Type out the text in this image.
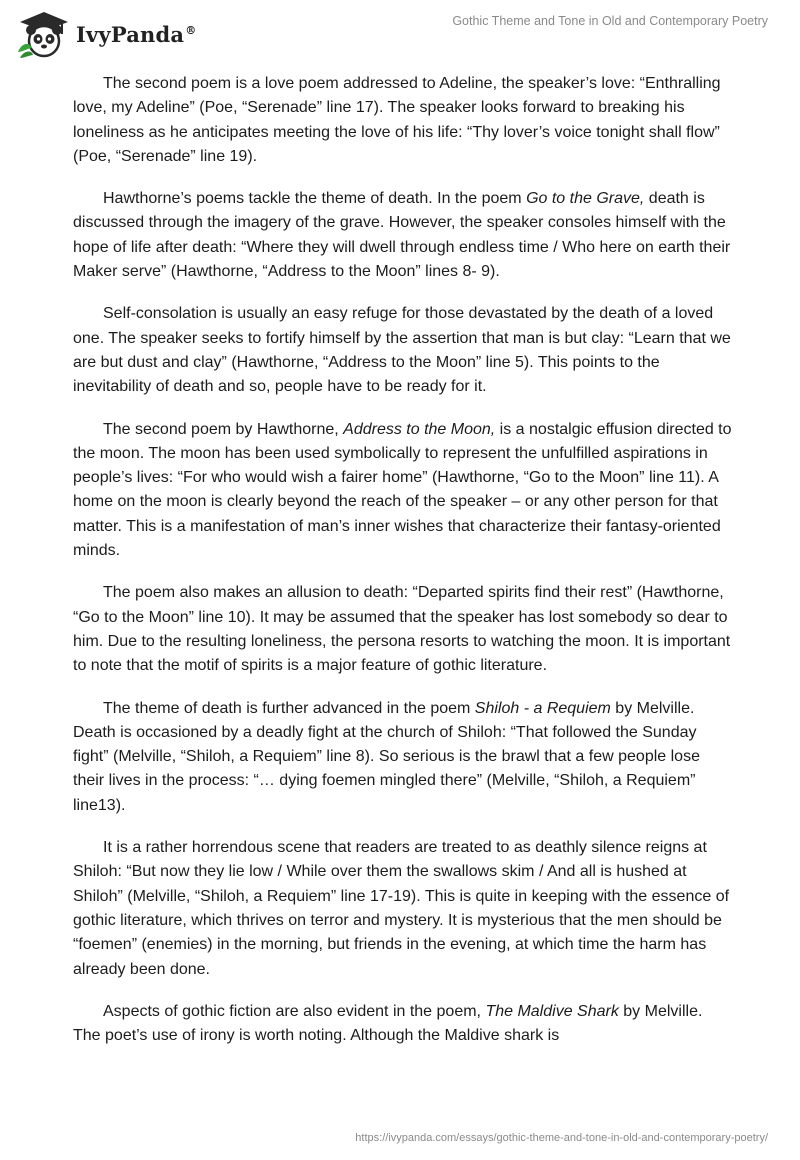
IvyPanda®
Gothic Theme and Tone in Old and Contemporary Poetry

The second poem is a love poem addressed to Adeline, the speaker’s love: “Enthralling love, my Adeline” (Poe, “Serenade” line 17). The speaker looks forward to breaking his loneliness as he anticipates meeting the love of his life: “Thy lover’s voice tonight shall flow” (Poe, “Serenade” line 19).

Hawthorne’s poems tackle the theme of death. In the poem Go to the Grave, death is discussed through the imagery of the grave. However, the speaker consoles himself with the hope of life after death: “Where they will dwell through endless time / Who here on earth their Maker serve” (Hawthorne, “Address to the Moon” lines 8- 9).

Self-consolation is usually an easy refuge for those devastated by the death of a loved one. The speaker seeks to fortify himself by the assertion that man is but clay: “Learn that we are but dust and clay” (Hawthorne, “Address to the Moon” line 5). This points to the inevitability of death and so, people have to be ready for it.

The second poem by Hawthorne, Address to the Moon, is a nostalgic effusion directed to the moon. The moon has been used symbolically to represent the unfulfilled aspirations in people’s lives: “For who would wish a fairer home” (Hawthorne, “Go to the Moon” line 11). A home on the moon is clearly beyond the reach of the speaker – or any other person for that matter. This is a manifestation of man’s inner wishes that characterize their fantasy-oriented minds.

The poem also makes an allusion to death: “Departed spirits find their rest” (Hawthorne, “Go to the Moon” line 10). It may be assumed that the speaker has lost somebody so dear to him. Due to the resulting loneliness, the persona resorts to watching the moon. It is important to note that the motif of spirits is a major feature of gothic literature.

The theme of death is further advanced in the poem Shiloh - a Requiem by Melville. Death is occasioned by a deadly fight at the church of Shiloh: “That followed the Sunday fight” (Melville, “Shiloh, a Requiem” line 8). So serious is the brawl that a few people lose their lives in the process: “… dying foemen mingled there” (Melville, “Shiloh, a Requiem” line13).

It is a rather horrendous scene that readers are treated to as deathly silence reigns at Shiloh: “But now they lie low / While over them the swallows skim / And all is hushed at Shiloh” (Melville, “Shiloh, a Requiem” line 17-19). This is quite in keeping with the essence of gothic literature, which thrives on terror and mystery. It is mysterious that the men should be “foemen” (enemies) in the morning, but friends in the evening, at which time the harm has already been done.

Aspects of gothic fiction are also evident in the poem, The Maldive Shark by Melville. The poet’s use of irony is worth noting. Although the Maldive shark is

https://ivypanda.com/essays/gothic-theme-and-tone-in-old-and-contemporary-poetry/
